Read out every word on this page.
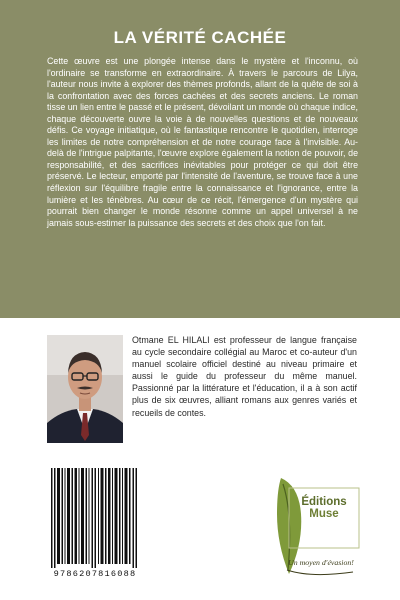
LA VÉRITÉ CACHÉE
Cette œuvre est une plongée intense dans le mystère et l'inconnu, où l'ordinaire se transforme en extraordinaire. À travers le parcours de Lilya, l'auteur nous invite à explorer des thèmes profonds, allant de la quête de soi à la confrontation avec des forces cachées et des secrets anciens. Le roman tisse un lien entre le passé et le présent, dévoilant un monde où chaque indice, chaque découverte ouvre la voie à de nouvelles questions et de nouveaux défis. Ce voyage initiatique, où le fantastique rencontre le quotidien, interroge les limites de notre compréhension et de notre courage face à l'invisible. Au-delà de l'intrigue palpitante, l'œuvre explore également la notion de pouvoir, de responsabilité, et des sacrifices inévitables pour protéger ce qui doit être préservé. Le lecteur, emporté par l'intensité de l'aventure, se trouve face à une réflexion sur l'équilibre fragile entre la connaissance et l'ignorance, entre la lumière et les ténèbres. Au cœur de ce récit, l'émergence d'un mystère qui pourrait bien changer le monde résonne comme un appel universel à ne jamais sous-estimer la puissance des secrets et des choix que l'on fait.
Otmane EL HILALI est professeur de langue française au cycle secondaire collégial au Maroc et co-auteur d'un manuel scolaire officiel destiné au niveau primaire et aussi le guide du professeur du même manuel. Passionné par la littérature et l'éducation, il a à son actif plus de six œuvres, alliant romans aux genres variés et recueils de contes.
9786207816088
Éditions
Muse
Un moyen d'évasion!
